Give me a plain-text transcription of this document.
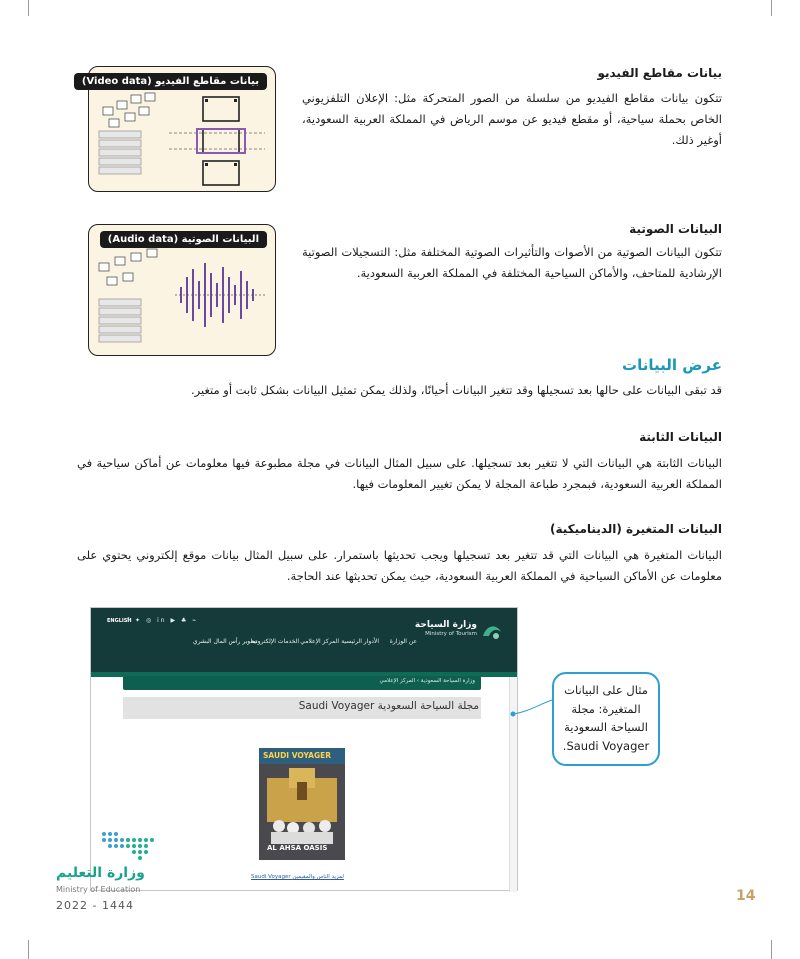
بيانات مقاطع الفيديو
تتكون بيانات مقاطع الفيديو من سلسلة من الصور المتحركة مثل: الإعلان التلفزيوني الخاص بحملة سياحية، أو مقطع فيديو عن موسم الرياض في المملكة العربية السعودية، أوغير ذلك.
بيانات مقاطع الفيديو (Video data)
البيانات الصوتية
تتكون البيانات الصوتية من الأصوات والتأثيرات الصوتية المختلفة مثل: التسجيلات الصوتية الإرشادية للمتاحف، والأماكن السياحية المختلفة في المملكة العربية السعودية.
البيانات الصوتية (Audio data)
عرض البيانات
قد تبقى البيانات على حالها بعد تسجيلها وقد تتغير البيانات أحيانًا، ولذلك يمكن تمثيل البيانات بشكل ثابت أو متغير.
البيانات الثابتة
البيانات الثابتة هي البيانات التي لا تتغير بعد تسجيلها. على سبيل المثال البيانات في مجلة مطبوعة فيها معلومات عن أماكن سياحية في المملكة العربية السعودية، فبمجرد طباعة المجلة لا يمكن تغيير المعلومات فيها.
البيانات المتغيرة (الديناميكية)
البيانات المتغيرة هي البيانات التي قد تتغير بعد تسجيلها ويجب تحديثها باستمرار. على سبيل المثال بيانات موقع إلكتروني يحتوي على معلومات عن الأماكن السياحية في المملكة العربية السعودية، حيث يمكن تحديثها عند الحاجة.
وزارة السياحة
Ministry of Tourism
ENGLISH
f ✦ ◎ in ▶ ♣ ⌁
عن الوزارة
الأدوار الرئيسية
المركز الإعلامي
الخدمات الإلكترونية
تطوير رأس المال البشري
وزارة السياحة السعودية › المركز الإعلامي
مجلة السياحة السعودية Saudi Voyager
SAUDI VOYAGER
AL AHSA OASIS
Saudi Voyager لمزيد الناس والمقيمين
مثال على البيانات المتغيرة: مجلة السياحة السعودية Saudi Voyager.
وزارة التعليم
Ministry of Education
2022 - 1444
14
